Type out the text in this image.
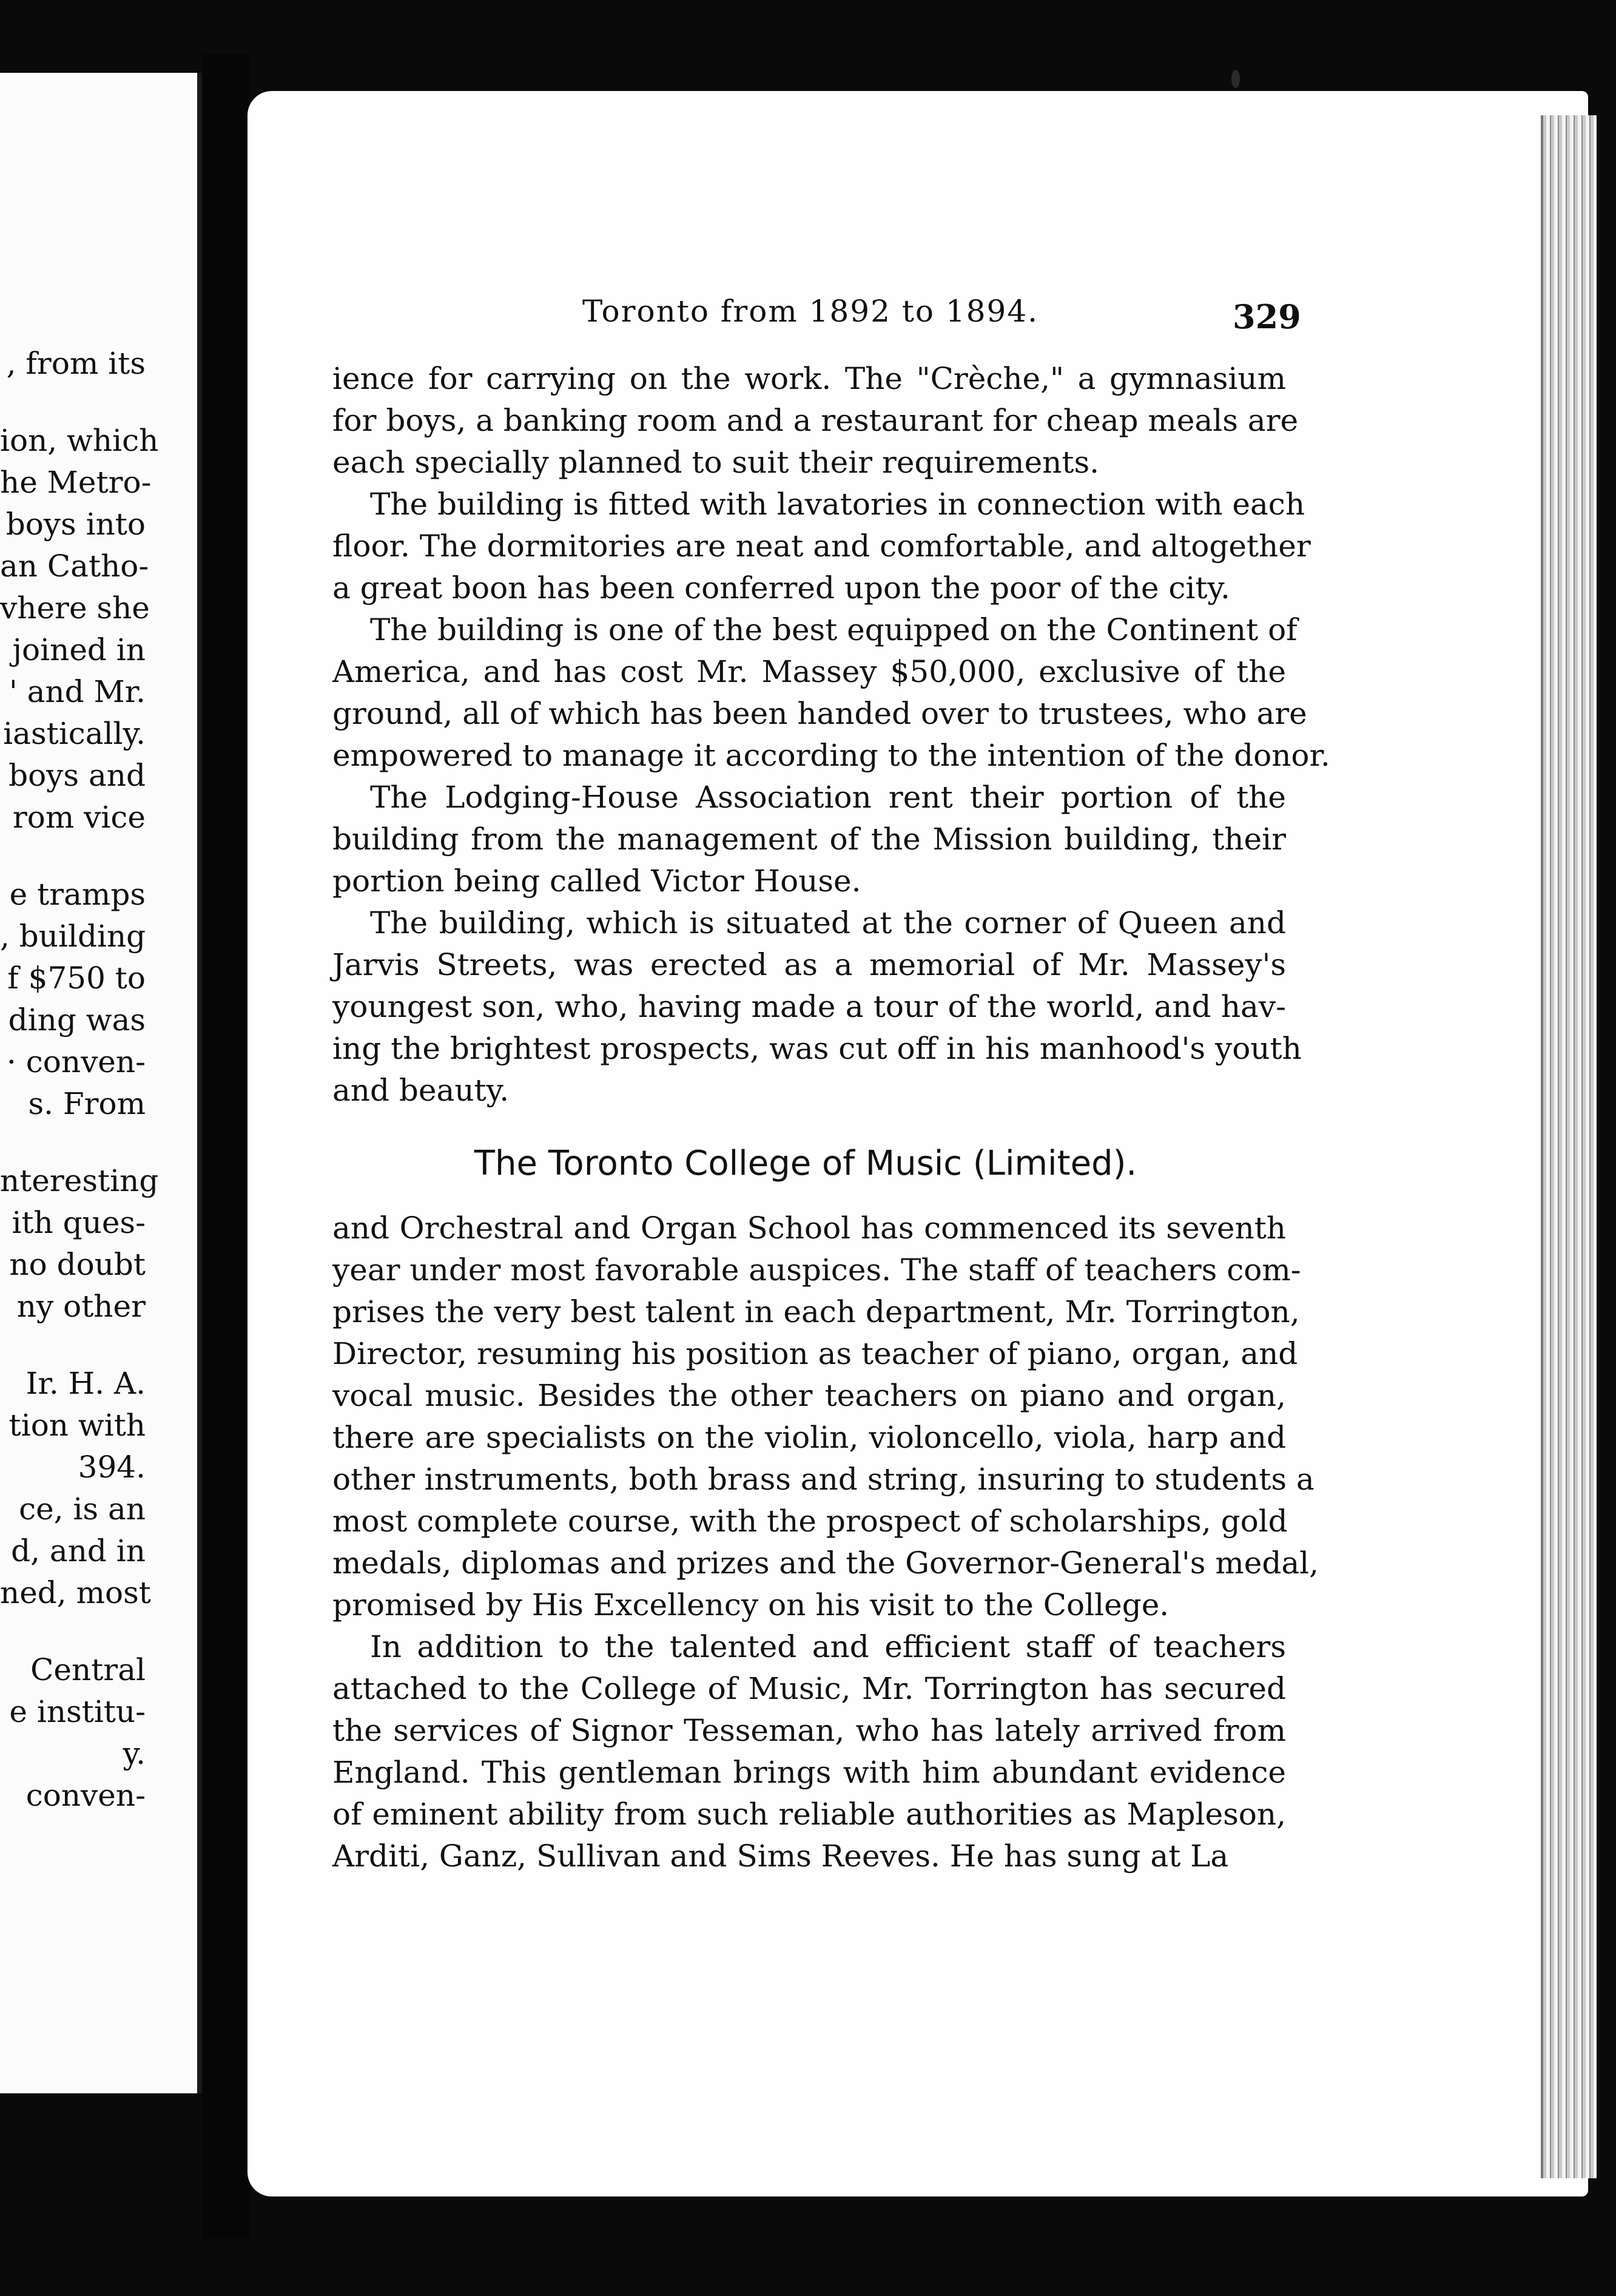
, from its
ion, which
he Metro-
boys into
an Catho-
vhere she
joined in
' and Mr.
iastically.
boys and
rom vice
e tramps
, building
f $750 to
ding was
· conven-
s. From
nteresting
ith ques-
no doubt
ny other
Ir. H. A.
tion with
394.
ce, is an
d, and in
ned, most
Central
e institu-
y.
conven-
Toronto from 1892 to 1894.	329
ience for carrying on the work. The "Crèche," a gymnasium
for boys, a banking room and a restaurant for cheap meals are
each specially planned to suit their requirements.
The building is fitted with lavatories in connection with each
floor. The dormitories are neat and comfortable, and altogether
a great boon has been conferred upon the poor of the city.
The building is one of the best equipped on the Continent of
America, and has cost Mr. Massey $50,000, exclusive of the
ground, all of which has been handed over to trustees, who are
empowered to manage it according to the intention of the donor.
The Lodging-House Association rent their portion of the
building from the management of the Mission building, their
portion being called Victor House.
The building, which is situated at the corner of Queen and
Jarvis Streets, was erected as a memorial of Mr. Massey's
youngest son, who, having made a tour of the world, and hav-
ing the brightest prospects, was cut off in his manhood's youth
and beauty.
The Toronto College of Music (Limited).
and Orchestral and Organ School has commenced its seventh
year under most favorable auspices. The staff of teachers com-
prises the very best talent in each department, Mr. Torrington,
Director, resuming his position as teacher of piano, organ, and
vocal music. Besides the other teachers on piano and organ,
there are specialists on the violin, violoncello, viola, harp and
other instruments, both brass and string, insuring to students a
most complete course, with the prospect of scholarships, gold
medals, diplomas and prizes and the Governor-General's medal,
promised by His Excellency on his visit to the College.
In addition to the talented and efficient staff of teachers
attached to the College of Music, Mr. Torrington has secured
the services of Signor Tesseman, who has lately arrived from
England. This gentleman brings with him abundant evidence
of eminent ability from such reliable authorities as Mapleson,
Arditi, Ganz, Sullivan and Sims Reeves. He has sung at La
